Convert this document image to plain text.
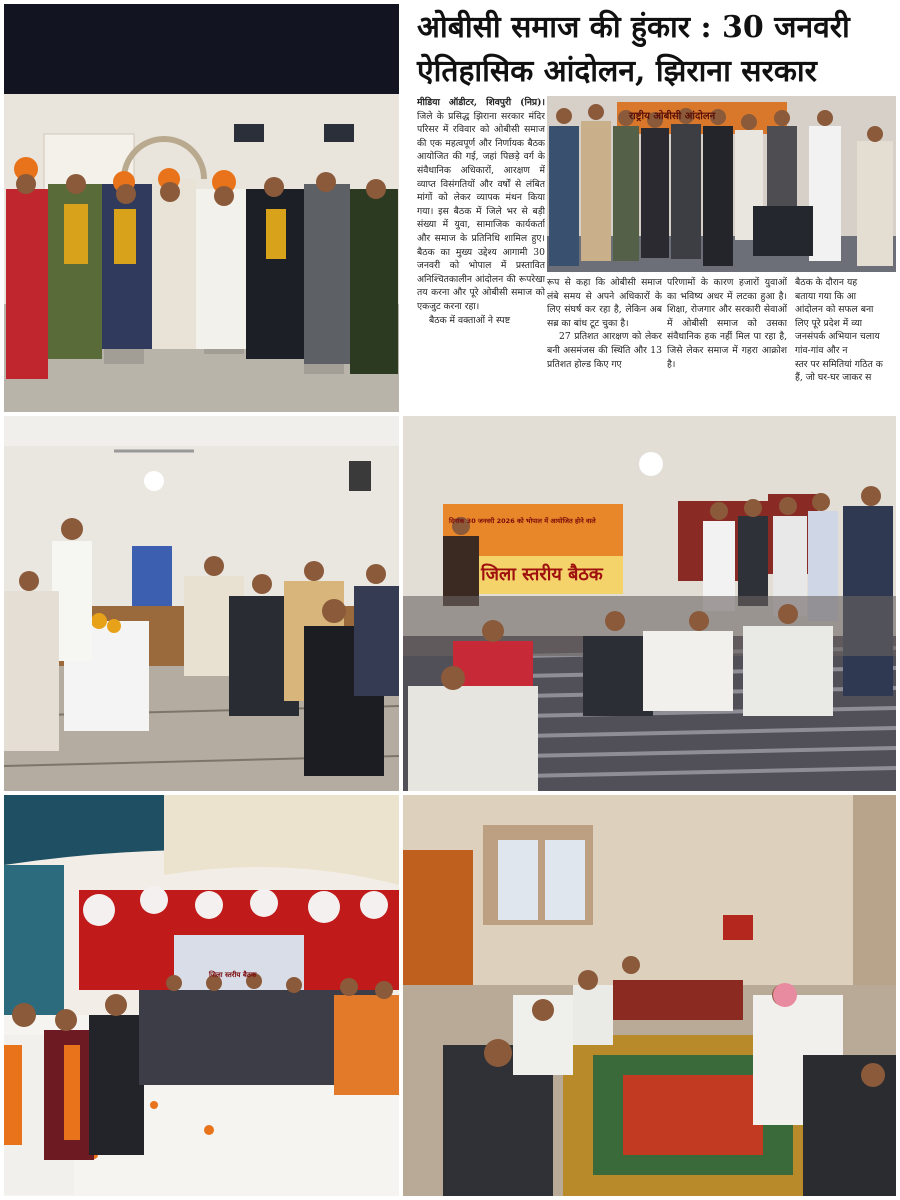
ओबीसी समाज की हुंकार : 30 जनवरी
ऐतिहासिक आंदोलन, झिराना सरकार
मीडिया ऑडीटर, शिवपुरी (निप्र)। जिले के प्रसिद्ध झिराना सरकार मंदिर परिसर में रविवार को ओबीसी समाज की एक महत्वपूर्ण और निर्णायक बैठक आयोजित की गई, जहां पिछड़े वर्ग के संवैधानिक अधिकारों, आरक्षण में व्याप्त विसंगतियों और वर्षों से लंबित मांगों को लेकर व्यापक मंथन किया गया। इस बैठक में जिले भर से बड़ी संख्या में युवा, सामाजिक कार्यकर्ता और समाज के प्रतिनिधि शामिल हुए। बैठक का मुख्य उद्देश्य आगामी 30 जनवरी को भोपाल में प्रस्तावित अनिश्चितकालीन आंदोलन की रूपरेखा तय करना और पूरे ओबीसी समाज को एकजुट करना रहा।
बैठक में वक्ताओं ने स्पष्ट
राष्ट्रीय ओबीसी आंदोलन
रूप से कहा कि ओबीसी समाज लंबे समय से अपने अधिकारों के लिए संघर्ष कर रहा है, लेकिन अब सब्र का बांध टूट चुका है।
27 प्रतिशत आरक्षण को लेकर बनी असमंजस की स्थिति और 13 प्रतिशत होल्ड किए गए
परिणामों के कारण हजारों युवाओं का भविष्य अधर में लटका हुआ है। शिक्षा, रोजगार और सरकारी सेवाओं में ओबीसी समाज को उसका संवैधानिक हक नहीं मिल पा रहा है, जिसे लेकर समाज में गहरा आक्रोश है।
बैठक के दौरान यह
बताया गया कि आ
आंदोलन को सफल बना
लिए पूरे प्रदेश में व्या
जनसंपर्क अभियान चलाय
गांव-गांव और न
स्तर पर समितियां गठित क
हैं, जो घर-घर जाकर स
दिनांक 30 जनवरी 2026 को भोपाल में आयोजित होने वाले
जिला स्तरीय बैठक
जिला स्तरीय बैठक
